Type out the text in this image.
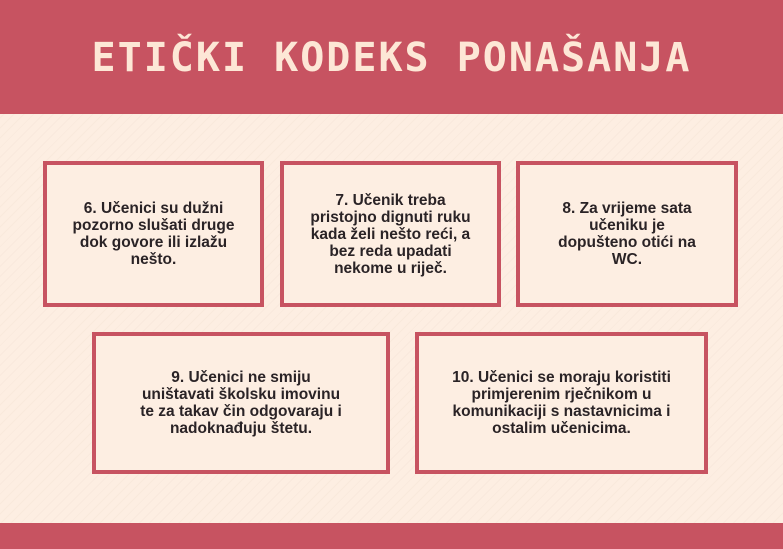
ETIČKI KODEKS PONAŠANJA
6. Učenici su dužni pozorno slušati druge dok govore ili izlažu nešto.
7. Učenik treba pristojno dignuti ruku kada želi nešto reći, a bez reda upadati nekome u riječ.
8. Za vrijeme sata učeniku je dopušteno otići na WC.
9. Učenici ne smiju uništavati školsku imovinu te za takav čin odgovaraju i nadoknađuju štetu.
10. Učenici se moraju koristiti primjerenim rječnikom u komunikaciji s nastavnicima i ostalim učenicima.
